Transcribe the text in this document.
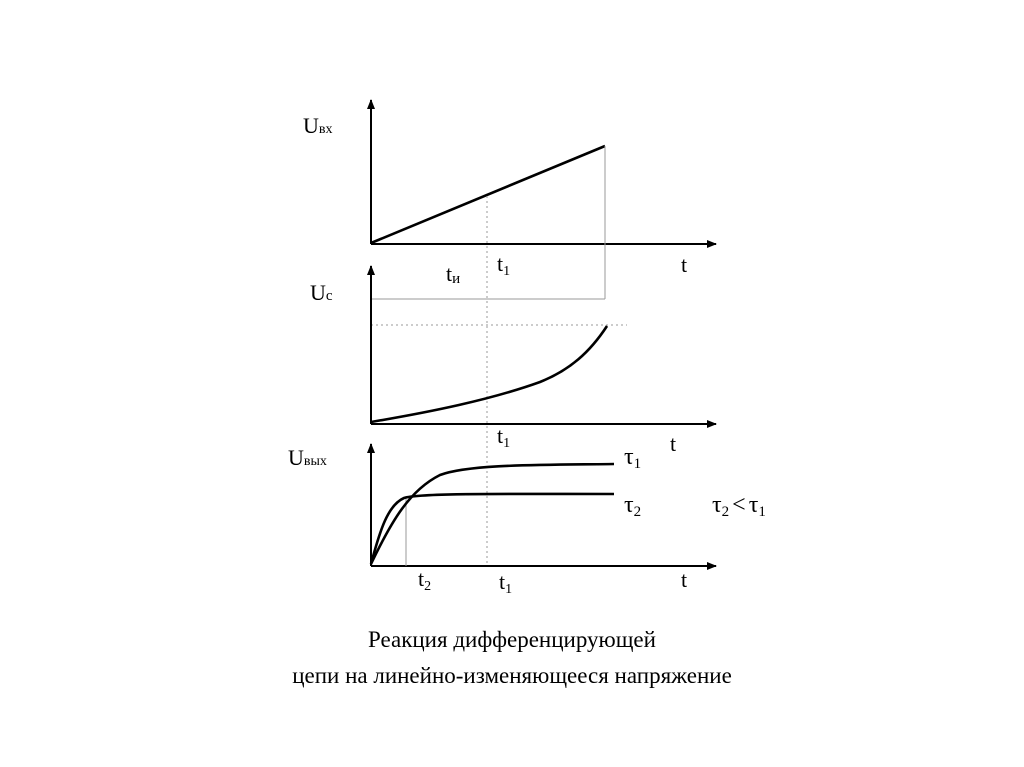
Uвх
t1	t
tи
Uc
t1	t
Uвых	τ1
τ2	τ2 < τ1
t2	t1	t
Реакция дифференцирующей
цепи на линейно-изменяющееся напряжение
